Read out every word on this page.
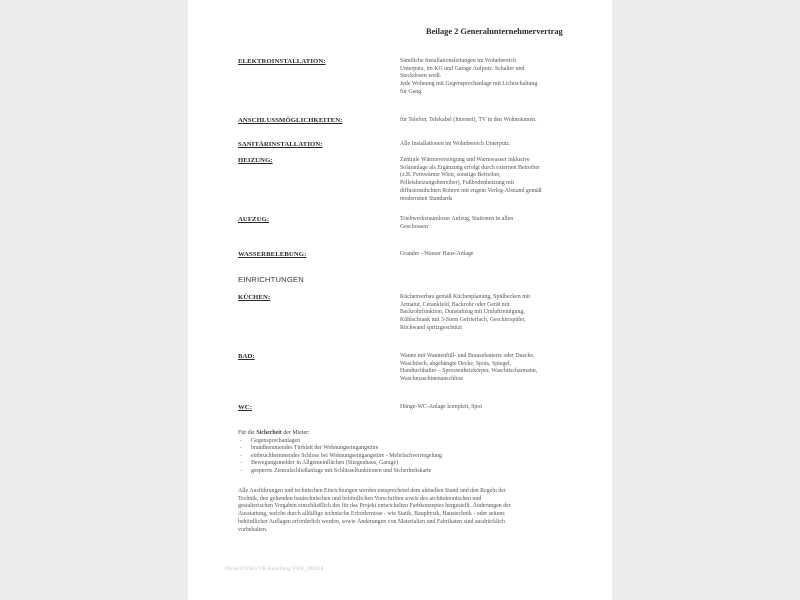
Beilage 2 Generalunternehmervertrag
ELEKTROINSTALLATION:	Sämtliche Installationsleitungen im Wohnbereich
Unterputz, im KG und Garage Aufputz. Schalter und
Steckdosen weiß.
Jede Wohnung mit Gegensprechanlage mit Lichtschaltung
für Gang.
ANSCHLUSSMÖGLICHKEITEN:	für Telefon, Telekabel (Internet), TV in den Wohnräumen.
SANITÄRINSTALLATION:	Alle Installationen im Wohnbereich Unterputz.
HEIZUNG:	Zentrale Wärmeversorgung und Warmwasser inklusive
Solaranlage als Ergänzung erfolgt durch externen Betreiber
(z.B. Fernwärme Wien, sonstige Betreiber,
Pelletsheizungsbetreiber), Fußbodenheizung mit
diffusionsdichten Rohren mit engem Verleg-Abstand gemäß
modernsten Standards
AUFZUG:	Triebwerksraumloser Aufzug, Stationen in allen
Geschossen
WASSERBELEBUNG:	Grander - Wasser Haus-Anlage
EINRICHTUNGEN
KÜCHEN:	Küchenverbau gemäß Küchenplanung, Spülbecken mit
Armatur, Cerankfeld, Backrohr oder Gerät mit
Backrohrfunktion, Dunstabzug mit Umluftreinigung,
Kühlschrank mit 3-Stern Gefrierfach, Geschirrspüler,
Rückwand spritzgeschützt
BAD:	Wanne mit Wannenfüll- und Brausebatterie oder Dusche,
Waschtisch, abgehängte Decke, Spots, Spiegel,
Handtuchhalter – Sprossenheizkörper, Waschtischarmatur,
Waschmaschinenanschluss
WC:	Hänge-WC-Anlage komplett, Spot
Für die Sicherheit der Mieter:
- Gegensprechanlagen
- brandhemmendes Türblatt der Wohnungseingangstüre
- einbruchhemmendes Schloss bei Wohnungseingangstüre - Mehrfachverriegelung
- Bewegungsmelder in Allgemeinflächen (Stiegenhaus, Garage)
- gesperrte Zentralschließanlage mit Schlüsselfunktionen und Sicherheitskarte
Alle Ausführungen und technischen Einrichtungen werden entsprechend dem aktuellen Stand und den Regeln der
Technik, den geltenden bautechnischen und behördlichen Vorschriften sowie des architektonischen und
gestalterischen Vorgaben einschließlich des für das Projekt entwickelten Farbkonzeptes hergestellt. Änderungen der
Ausstattung, welche durch allfällige technische Erfordernisse - wie Statik, Bauphysik, Haustechnik - oder seitens
behördlicher Auflagen erforderlich werden, sowie Änderungen von Materialien und Fabrikaten sind ausdrücklich
vorbehalten.
PProjGUVKG/VK/Anzeilung VSW_091018
